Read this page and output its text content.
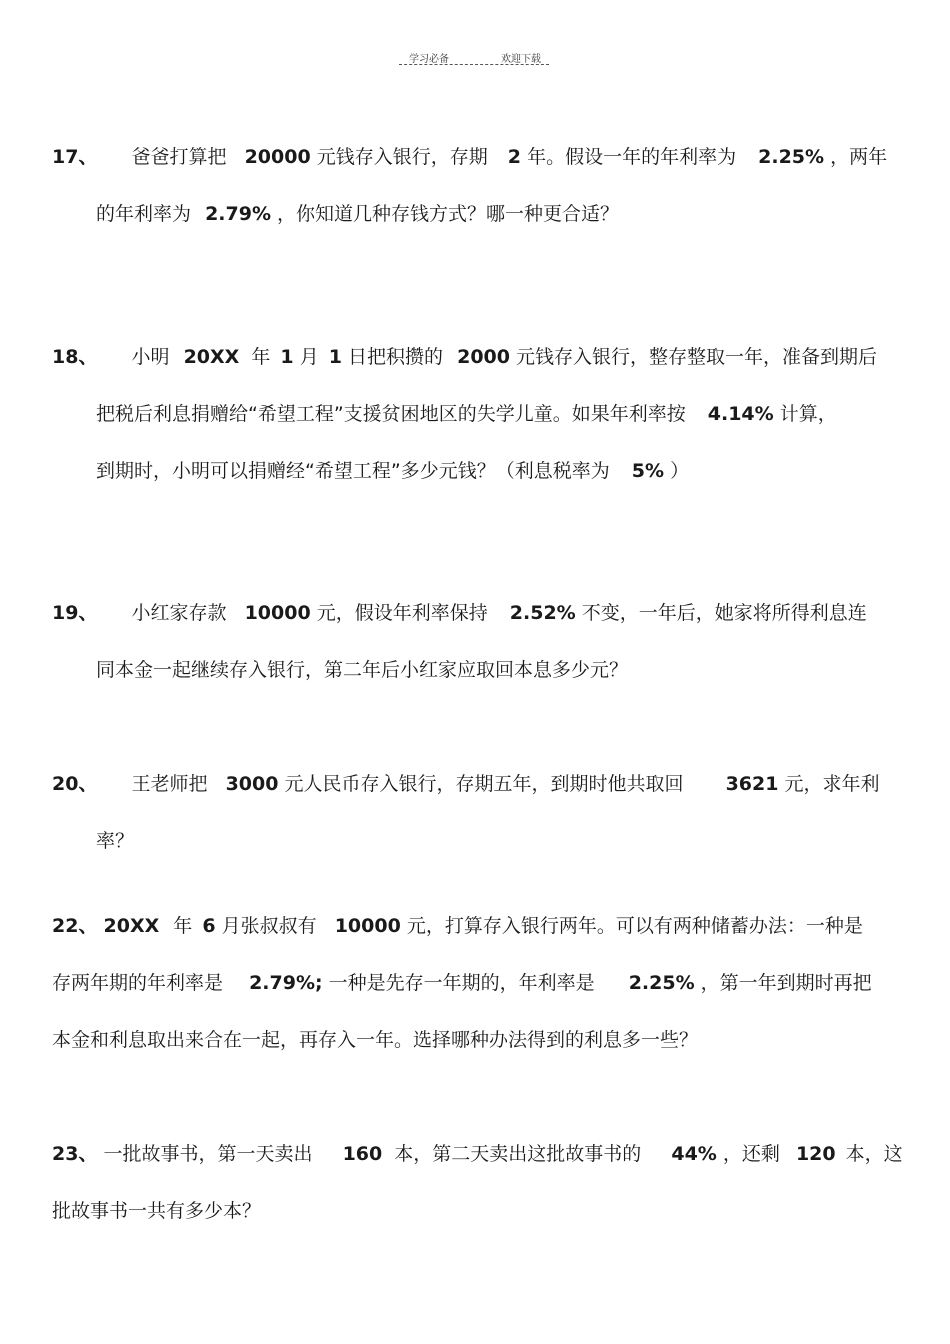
学习必备	欢迎下载
17、 爸爸打算把 20000 元钱存入银行，存期 2 年。假设一年的年利率为 2.25% ，两年
的年利率为 2.79% ，你知道几种存钱方式？哪一种更合适？
18、 小明 20XX 年 1 月 1 日把积攒的 2000 元钱存入银行，整存整取一年，准备到期后
把税后利息捐赠给“希望工程”支援贫困地区的失学儿童。如果年利率按 4.14% 计算，
到期时，小明可以捐赠经“希望工程”多少元钱？（利息税率为 5% ）
19、 小红家存款 10000 元，假设年利率保持 2.52% 不变，一年后，她家将所得利息连
同本金一起继续存入银行，第二年后小红家应取回本息多少元？
20、 王老师把 3000 元人民币存入银行，存期五年，到期时他共取回 3621 元，求年利
率？
22、 20XX 年 6 月张叔叔有 10000 元，打算存入银行两年。可以有两种储蓄办法：一种是
存两年期的年利率是 2.79%; 一种是先存一年期的，年利率是 2.25% ，第一年到期时再把
本金和利息取出来合在一起，再存入一年。选择哪种办法得到的利息多一些？
23、 一批故事书，第一天卖出 160 本，第二天卖出这批故事书的 44% ，还剩 120 本，这
批故事书一共有多少本？
